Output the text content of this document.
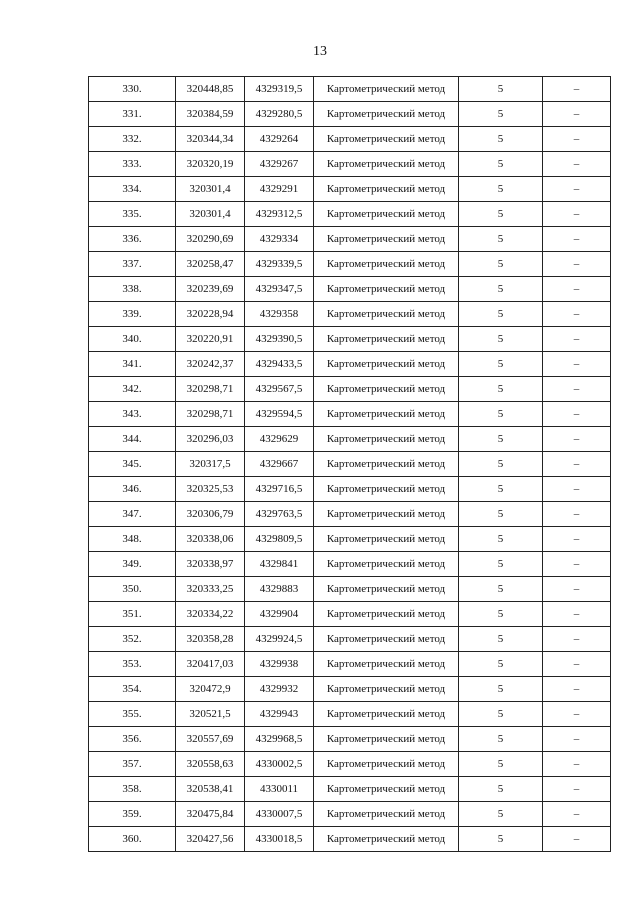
13
330.	320448,85	4329319,5	Картометрический метод	5	–
331.	320384,59	4329280,5	Картометрический метод	5	–
332.	320344,34	4329264	Картометрический метод	5	–
333.	320320,19	4329267	Картометрический метод	5	–
334.	320301,4	4329291	Картометрический метод	5	–
335.	320301,4	4329312,5	Картометрический метод	5	–
336.	320290,69	4329334	Картометрический метод	5	–
337.	320258,47	4329339,5	Картометрический метод	5	–
338.	320239,69	4329347,5	Картометрический метод	5	–
339.	320228,94	4329358	Картометрический метод	5	–
340.	320220,91	4329390,5	Картометрический метод	5	–
341.	320242,37	4329433,5	Картометрический метод	5	–
342.	320298,71	4329567,5	Картометрический метод	5	–
343.	320298,71	4329594,5	Картометрический метод	5	–
344.	320296,03	4329629	Картометрический метод	5	–
345.	320317,5	4329667	Картометрический метод	5	–
346.	320325,53	4329716,5	Картометрический метод	5	–
347.	320306,79	4329763,5	Картометрический метод	5	–
348.	320338,06	4329809,5	Картометрический метод	5	–
349.	320338,97	4329841	Картометрический метод	5	–
350.	320333,25	4329883	Картометрический метод	5	–
351.	320334,22	4329904	Картометрический метод	5	–
352.	320358,28	4329924,5	Картометрический метод	5	–
353.	320417,03	4329938	Картометрический метод	5	–
354.	320472,9	4329932	Картометрический метод	5	–
355.	320521,5	4329943	Картометрический метод	5	–
356.	320557,69	4329968,5	Картометрический метод	5	–
357.	320558,63	4330002,5	Картометрический метод	5	–
358.	320538,41	4330011	Картометрический метод	5	–
359.	320475,84	4330007,5	Картометрический метод	5	–
360.	320427,56	4330018,5	Картометрический метод	5	–
